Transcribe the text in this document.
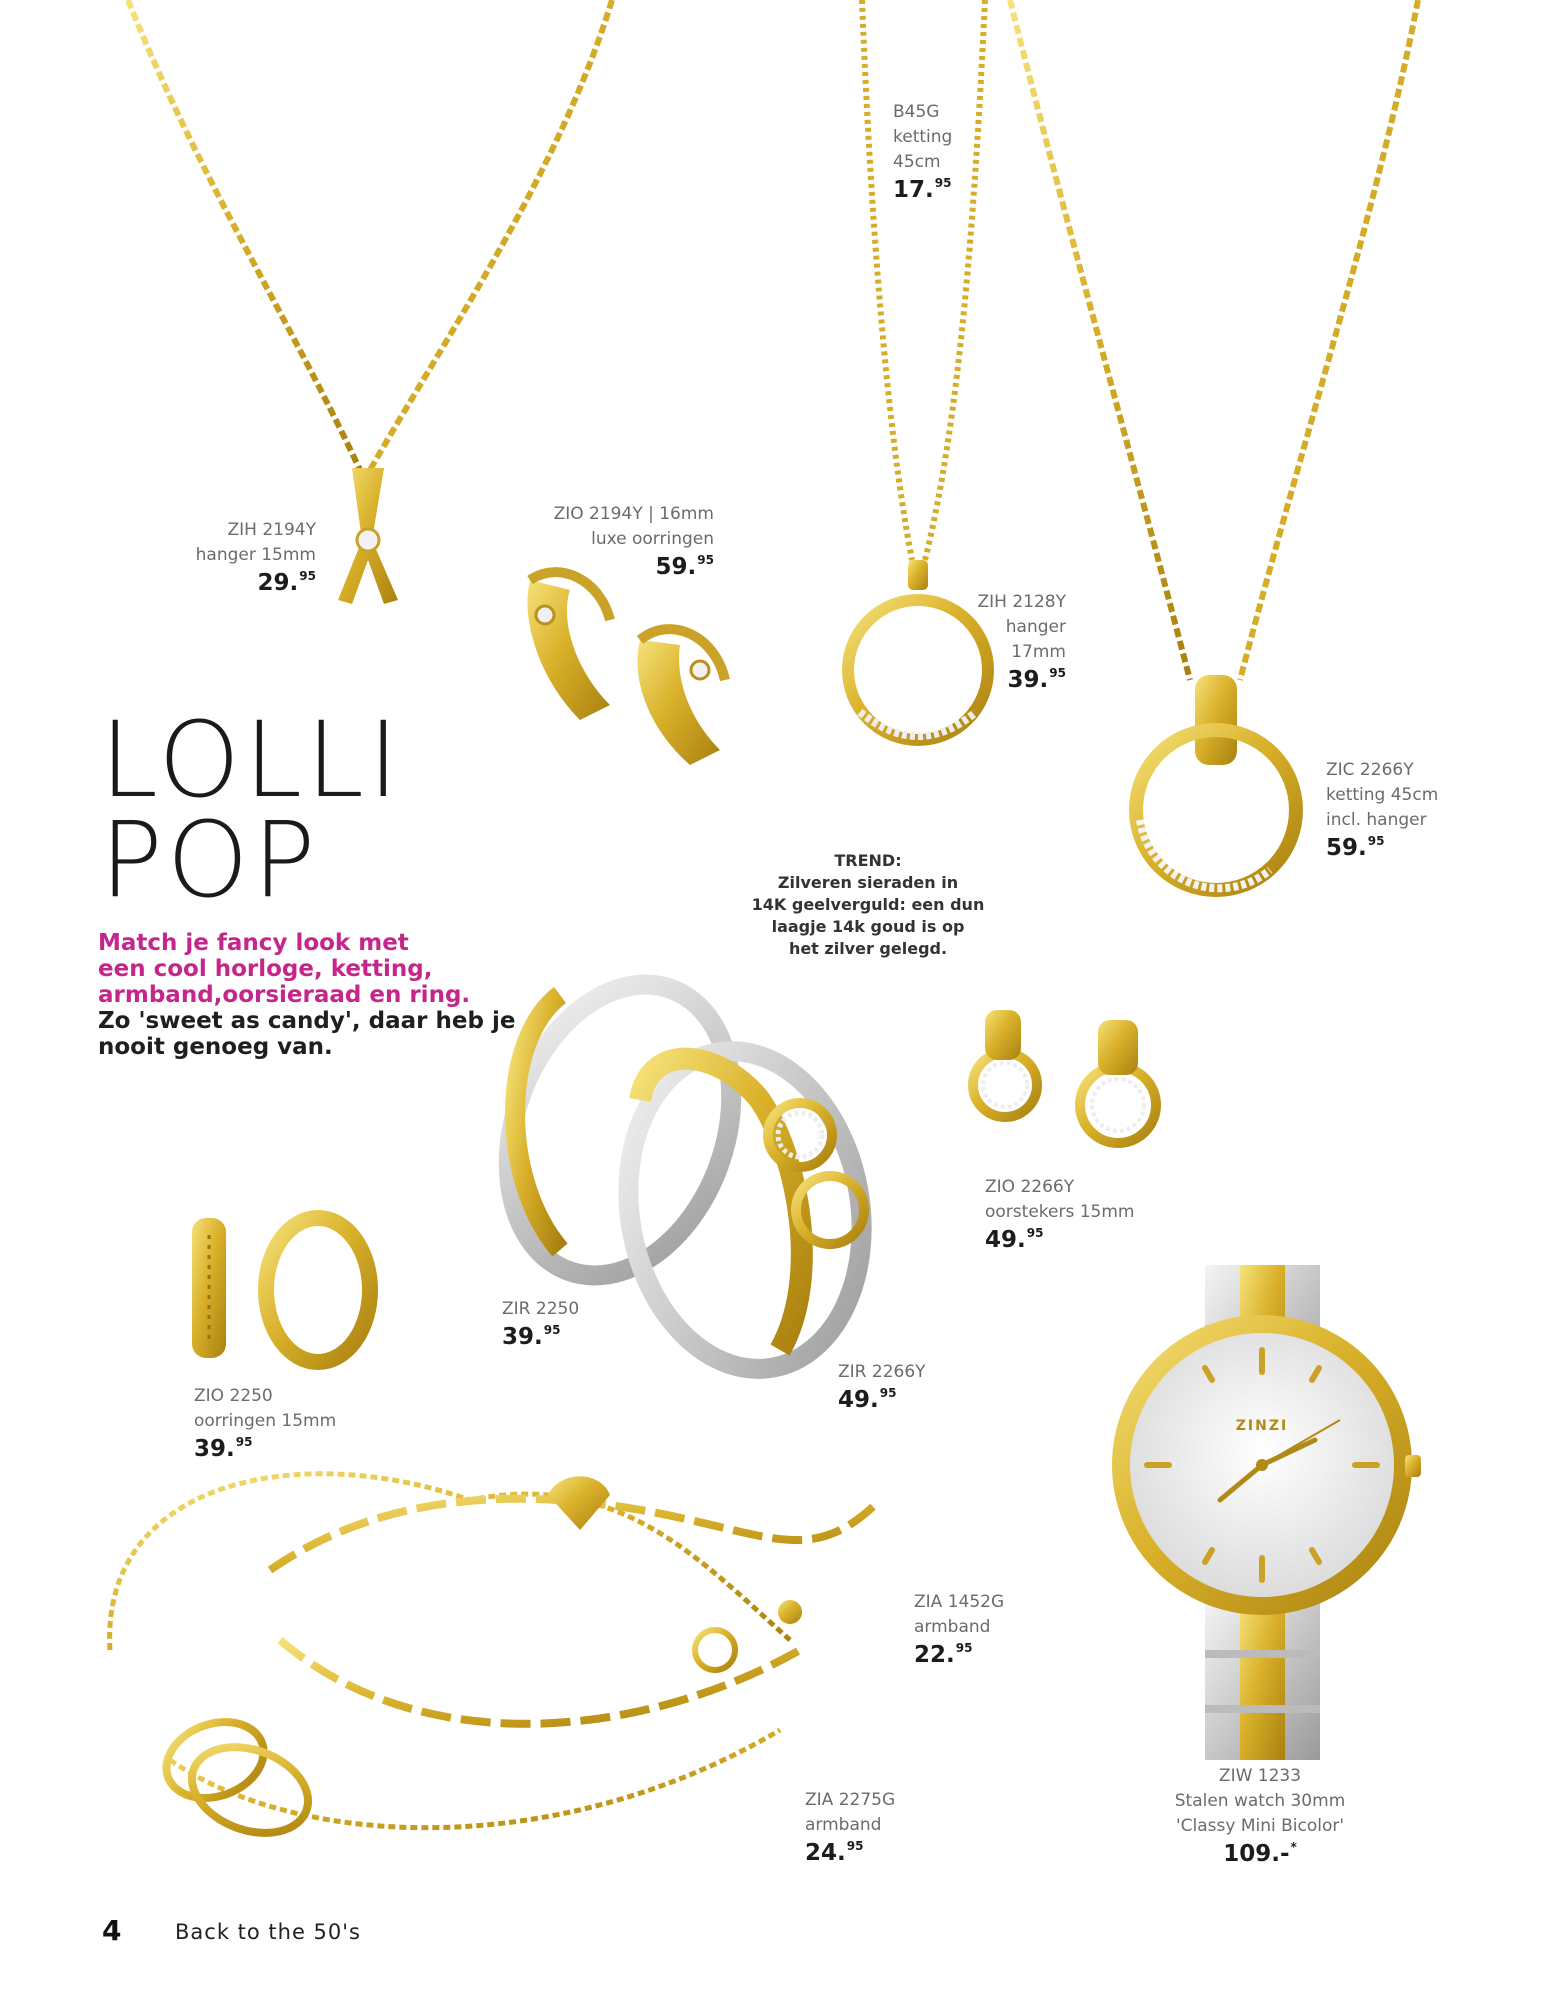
ZINZI
LOLLI
POP
Match je fancy look met
een cool horloge, ketting,
armband,oorsieraad en ring.
Zo 'sweet as candy', daar heb je
nooit genoeg van.
TREND:
Zilveren sieraden in
14K geelverguld: een dun
laagje 14k goud is op
het zilver gelegd.
ZIH 2194Y
hanger 15mm
29.95
ZIO 2194Y | 16mm
luxe oorringen
59.95
B45G
ketting
45cm
17.95
ZIH 2128Y
hanger
17mm
39.95
ZIC 2266Y
ketting 45cm
incl. hanger
59.95
ZIO 2266Y
oorstekers 15mm
49.95
ZIR 2250
39.95
ZIR 2266Y
49.95
ZIO 2250
oorringen 15mm
39.95
ZIA 1452G
armband
22.95
ZIA 2275G
armband
24.95
ZIW 1233
Stalen watch 30mm
'Classy Mini Bicolor'
109.-*
4	Back to the 50's
